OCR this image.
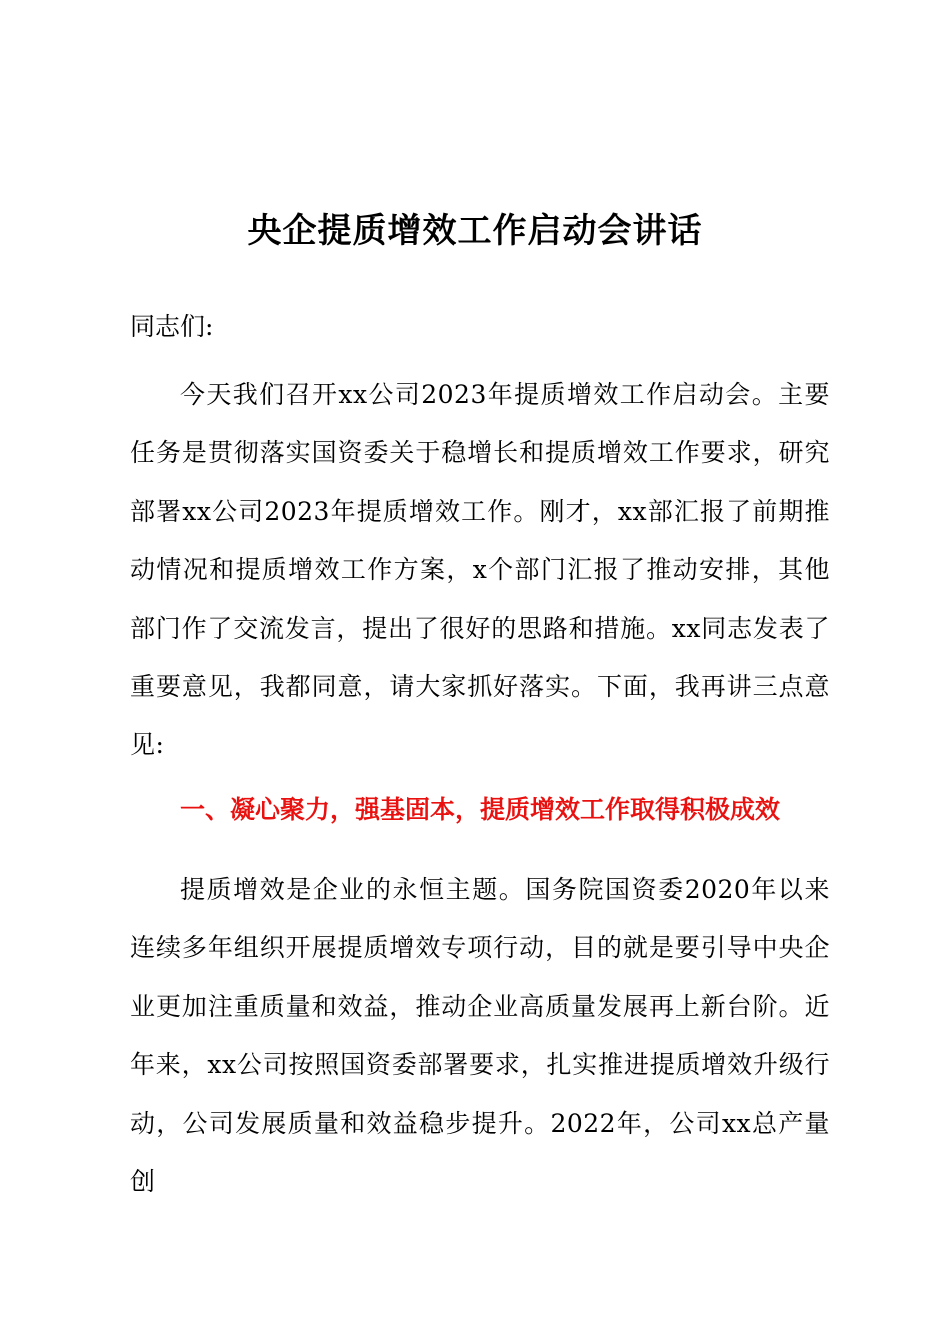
央企提质增效工作启动会讲话
同志们:

今天我们召开xx公司2023年提质增效工作启动会。主要任务是贯彻落实国资委关于稳增长和提质增效工作要求，研究部署xx公司2023年提质增效工作。刚才，xx部汇报了前期推动情况和提质增效工作方案，x个部门汇报了推动安排，其他部门作了交流发言，提出了很好的思路和措施。xx同志发表了重要意见，我都同意，请大家抓好落实。下面，我再讲三点意见:

一、凝心聚力，强基固本，提质增效工作取得积极成效

提质增效是企业的永恒主题。国务院国资委2020年以来连续多年组织开展提质增效专项行动，目的就是要引导中央企业更加注重质量和效益，推动企业高质量发展再上新台阶。近年来，xx公司按照国资委部署要求，扎实推进提质增效升级行动，公司发展质量和效益稳步提升。2022年，公司xx总产量创
